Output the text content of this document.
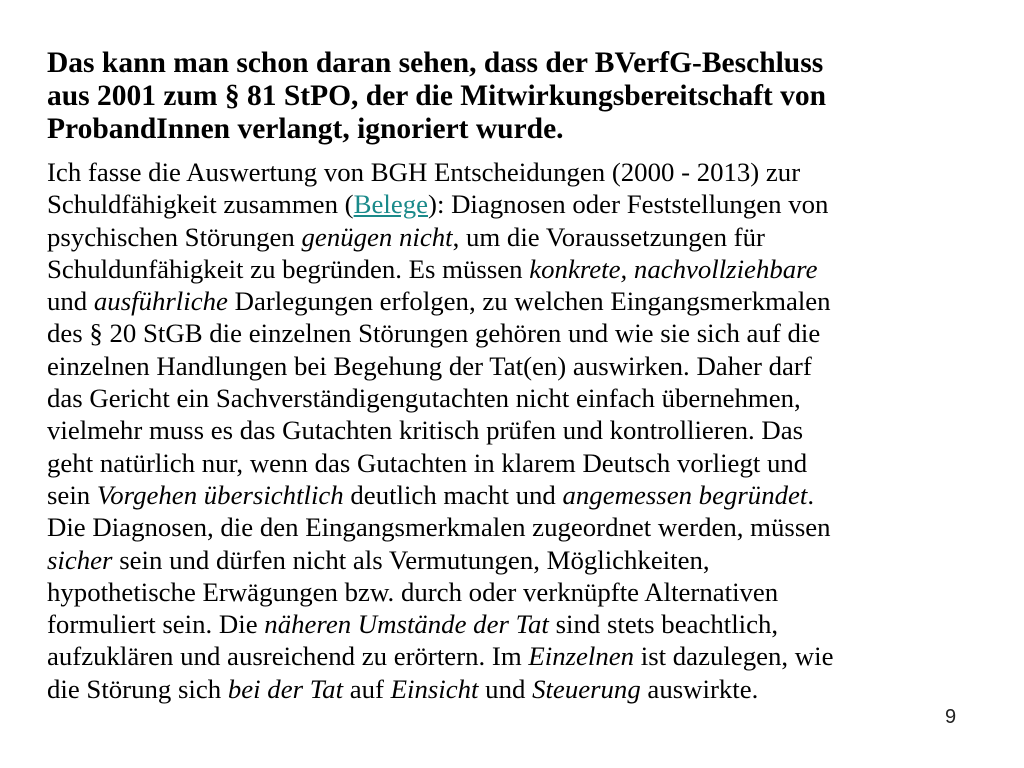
Das kann man schon daran sehen, dass der BVerfG-Beschluss
aus 2001 zum § 81 StPO, der die Mitwirkungsbereitschaft von
ProbandInnen verlangt, ignoriert wurde.
Ich fasse die Auswertung von BGH Entscheidungen (2000 - 2013) zur
Schuldfähigkeit zusammen (Belege): Diagnosen oder Feststellungen von
psychischen Störungen genügen nicht, um die Voraussetzungen für
Schuldunfähigkeit zu begründen. Es müssen konkrete, nachvollziehbare
und ausführliche Darlegungen erfolgen, zu welchen Eingangsmerkmalen
des § 20 StGB die einzelnen Störungen gehören und wie sie sich auf die
einzelnen Handlungen bei Begehung der Tat(en) auswirken. Daher darf
das Gericht ein Sachverständigengutachten nicht einfach übernehmen,
vielmehr muss es das Gutachten kritisch prüfen und kontrollieren. Das
geht natürlich nur, wenn das Gutachten in klarem Deutsch vorliegt und
sein Vorgehen übersichtlich deutlich macht und angemessen begründet.
Die Diagnosen, die den Eingangsmerkmalen zugeordnet werden, müssen
sicher sein und dürfen nicht als Vermutungen, Möglichkeiten,
hypothetische Erwägungen bzw. durch oder verknüpfte Alternativen
formuliert sein. Die näheren Umstände der Tat sind stets beachtlich,
aufzuklären und ausreichend zu erörtern. Im Einzelnen ist dazulegen, wie
die Störung sich bei der Tat auf Einsicht und Steuerung auswirkte.
9
